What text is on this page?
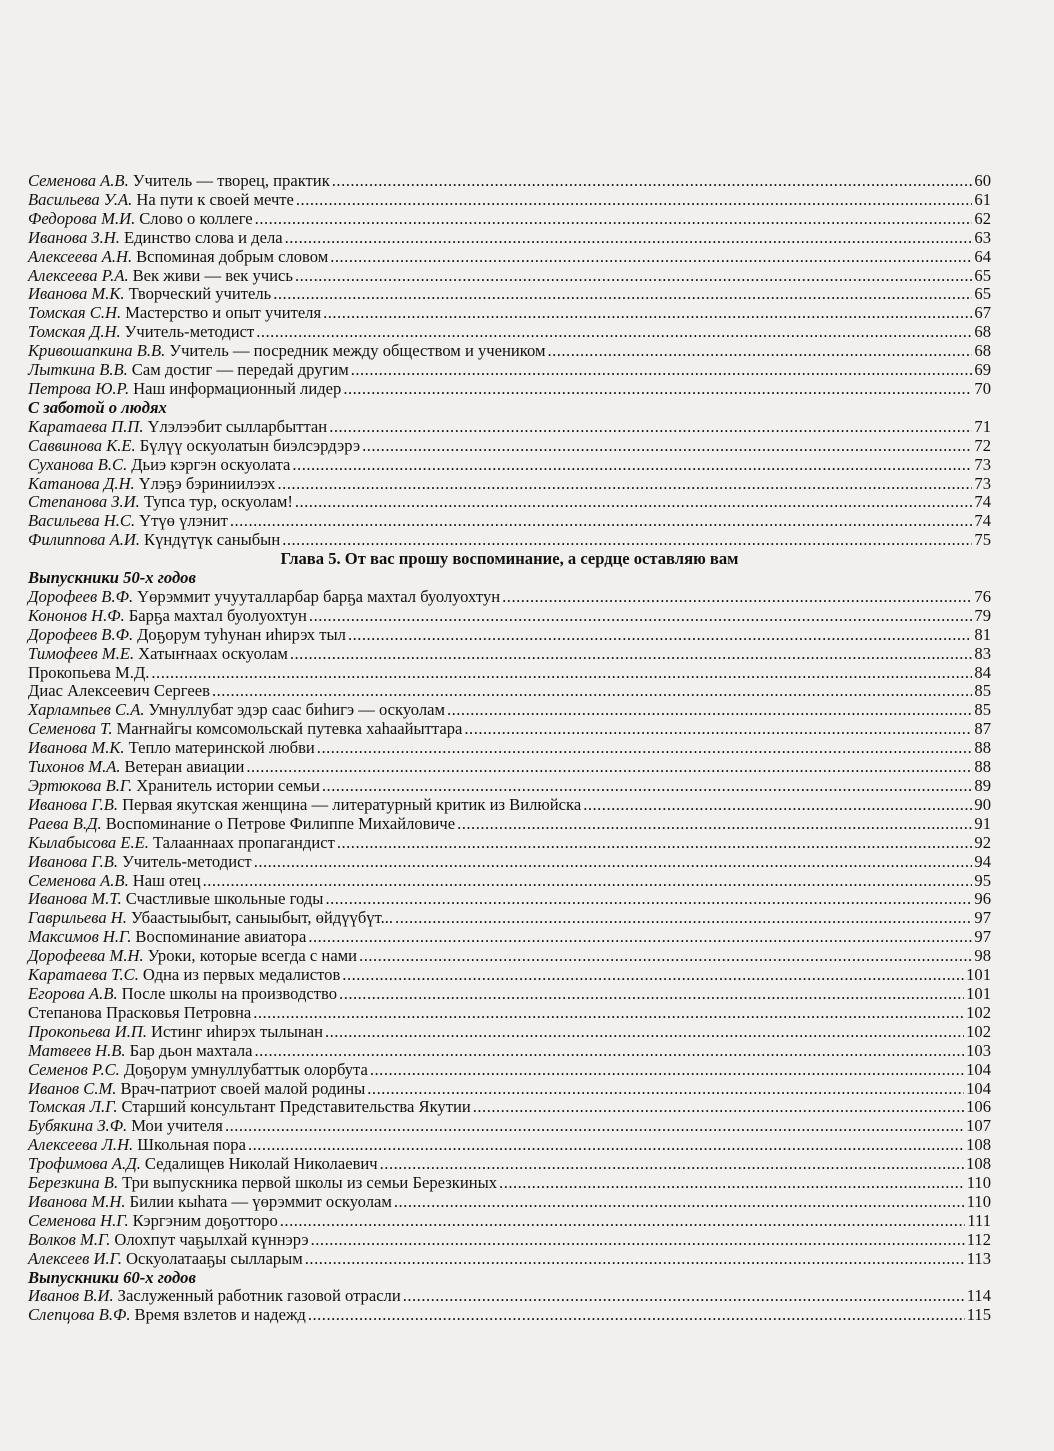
Семенова А.В. Учитель — творец, практик .....	60
Васильева У.А. На пути к своей мечте .....	61
Федорова М.И. Слово о коллеге .....	62
Иванова З.Н. Единство слова и дела .....	63
Алексеева А.Н. Вспоминая добрым словом .....	64
Алексеева Р.А. Век живи — век учись .....	65
Иванова М.К. Творческий учитель .....	65
Томская С.Н. Мастерство и опыт учителя .....	67
Томская Д.Н. Учитель-методист .....	68
Кривошапкина В.В. Учитель — посредник между обществом и учеником .....	68
Лыткина В.В. Сам достиг — передай другим .....	69
Петрова Ю.Р. Наш информационный лидер .....	70
С заботой о людях
Каратаева П.П. Үлэлээбит сылларбыттан .....	71
Саввинова К.Е. Бүлүү оскуолатын биэлсэрдэрэ .....	72
Суханова В.С. Дьиэ кэргэн оскуолата .....	73
Катанова Д.Н. Үлэҕэ бэриниилээх .....	73
Степанова З.И. Тупса тур, оскуолам! .....	74
Васильева Н.С. Үтүө үлэнит .....	74
Филиппова А.И. Күндүтүк саныбын .....	75
Глава 5. От вас прошу воспоминание, а сердце оставляю вам
Выпускники 50-х годов
Дорофеев В.Ф. Үөрэммит учууталларбар барҕа махтал буолуохтун .....	76
Кононов Н.Ф. Барҕа махтал буолуохтун .....	79
Дорофеев В.Ф. Доҕорум туһунан иһирэх тыл .....	81
Тимофеев М.Е. Хатыҥнаах оскуолам .....	83
Прокопьева М.Д. .....	84
Диас Алексеевич Сергеев .....	85
Харлампьев С.А. Умнуллубат эдэр саас биһигэ — оскуолам .....	85
Семенова Т. Маҥнайгы комсомольскай путевка хаһаайыттара .....	87
Иванова М.К. Тепло материнской любви .....	88
Тихонов М.А. Ветеран авиации .....	88
Эртюкова В.Г. Хранитель истории семьи .....	89
Иванова Г.В. Первая якутская женщина — литературный критик из Вилюйска .....	90
Раева В.Д. Воспоминание о Петрове Филиппе Михайловиче .....	91
Кылабысова Е.Е. Талааннаах пропагандист .....	92
Иванова Г.В. Учитель-методист .....	94
Семенова А.В. Наш отец .....	95
Иванова М.Т. Счастливые школьные годы .....	96
Гаврильева Н. Убаастыыбыт, саныыбыт, өйдүүбүт... .....	97
Максимов Н.Г. Воспоминание авиатора .....	97
Дорофеева М.Н. Уроки, которые всегда с нами .....	98
Каратаева Т.С. Одна из первых медалистов .....	101
Егорова А.В. После школы на производство .....	101
Степанова Прасковья Петровна .....	102
Прокопьева И.П. Истинг иһирэх тылынан .....	102
Матвеев Н.В. Бар дьон махтала .....	103
Семенов Р.С. Доҕорум умнуллубаттык олорбута .....	104
Иванов С.М. Врач-патриот своей малой родины .....	104
Томская Л.Г. Старший консультант Представительства Якутии .....	106
Бубякина З.Ф. Мои учителя .....	107
Алексеева Л.Н. Школьная пора .....	108
Трофимова А.Д. Седалищев Николай Николаевич .....	108
Березкина В. Три выпускника первой школы из семьи Березкиных .....	110
Иванова М.Н. Билии кыһата — үөрэммит оскуолам .....	110
Семенова Н.Г. Кэргэним доҕотторо .....	111
Волков М.Г. Олохпут чаҕылхай күннэрэ .....	112
Алексеев И.Г. Оскуолатааҕы сылларым .....	113
Выпускники 60-х годов
Иванов В.И. Заслуженный работник газовой отрасли .....	114
Слепцова В.Ф. Время взлетов и надежд .....	115
